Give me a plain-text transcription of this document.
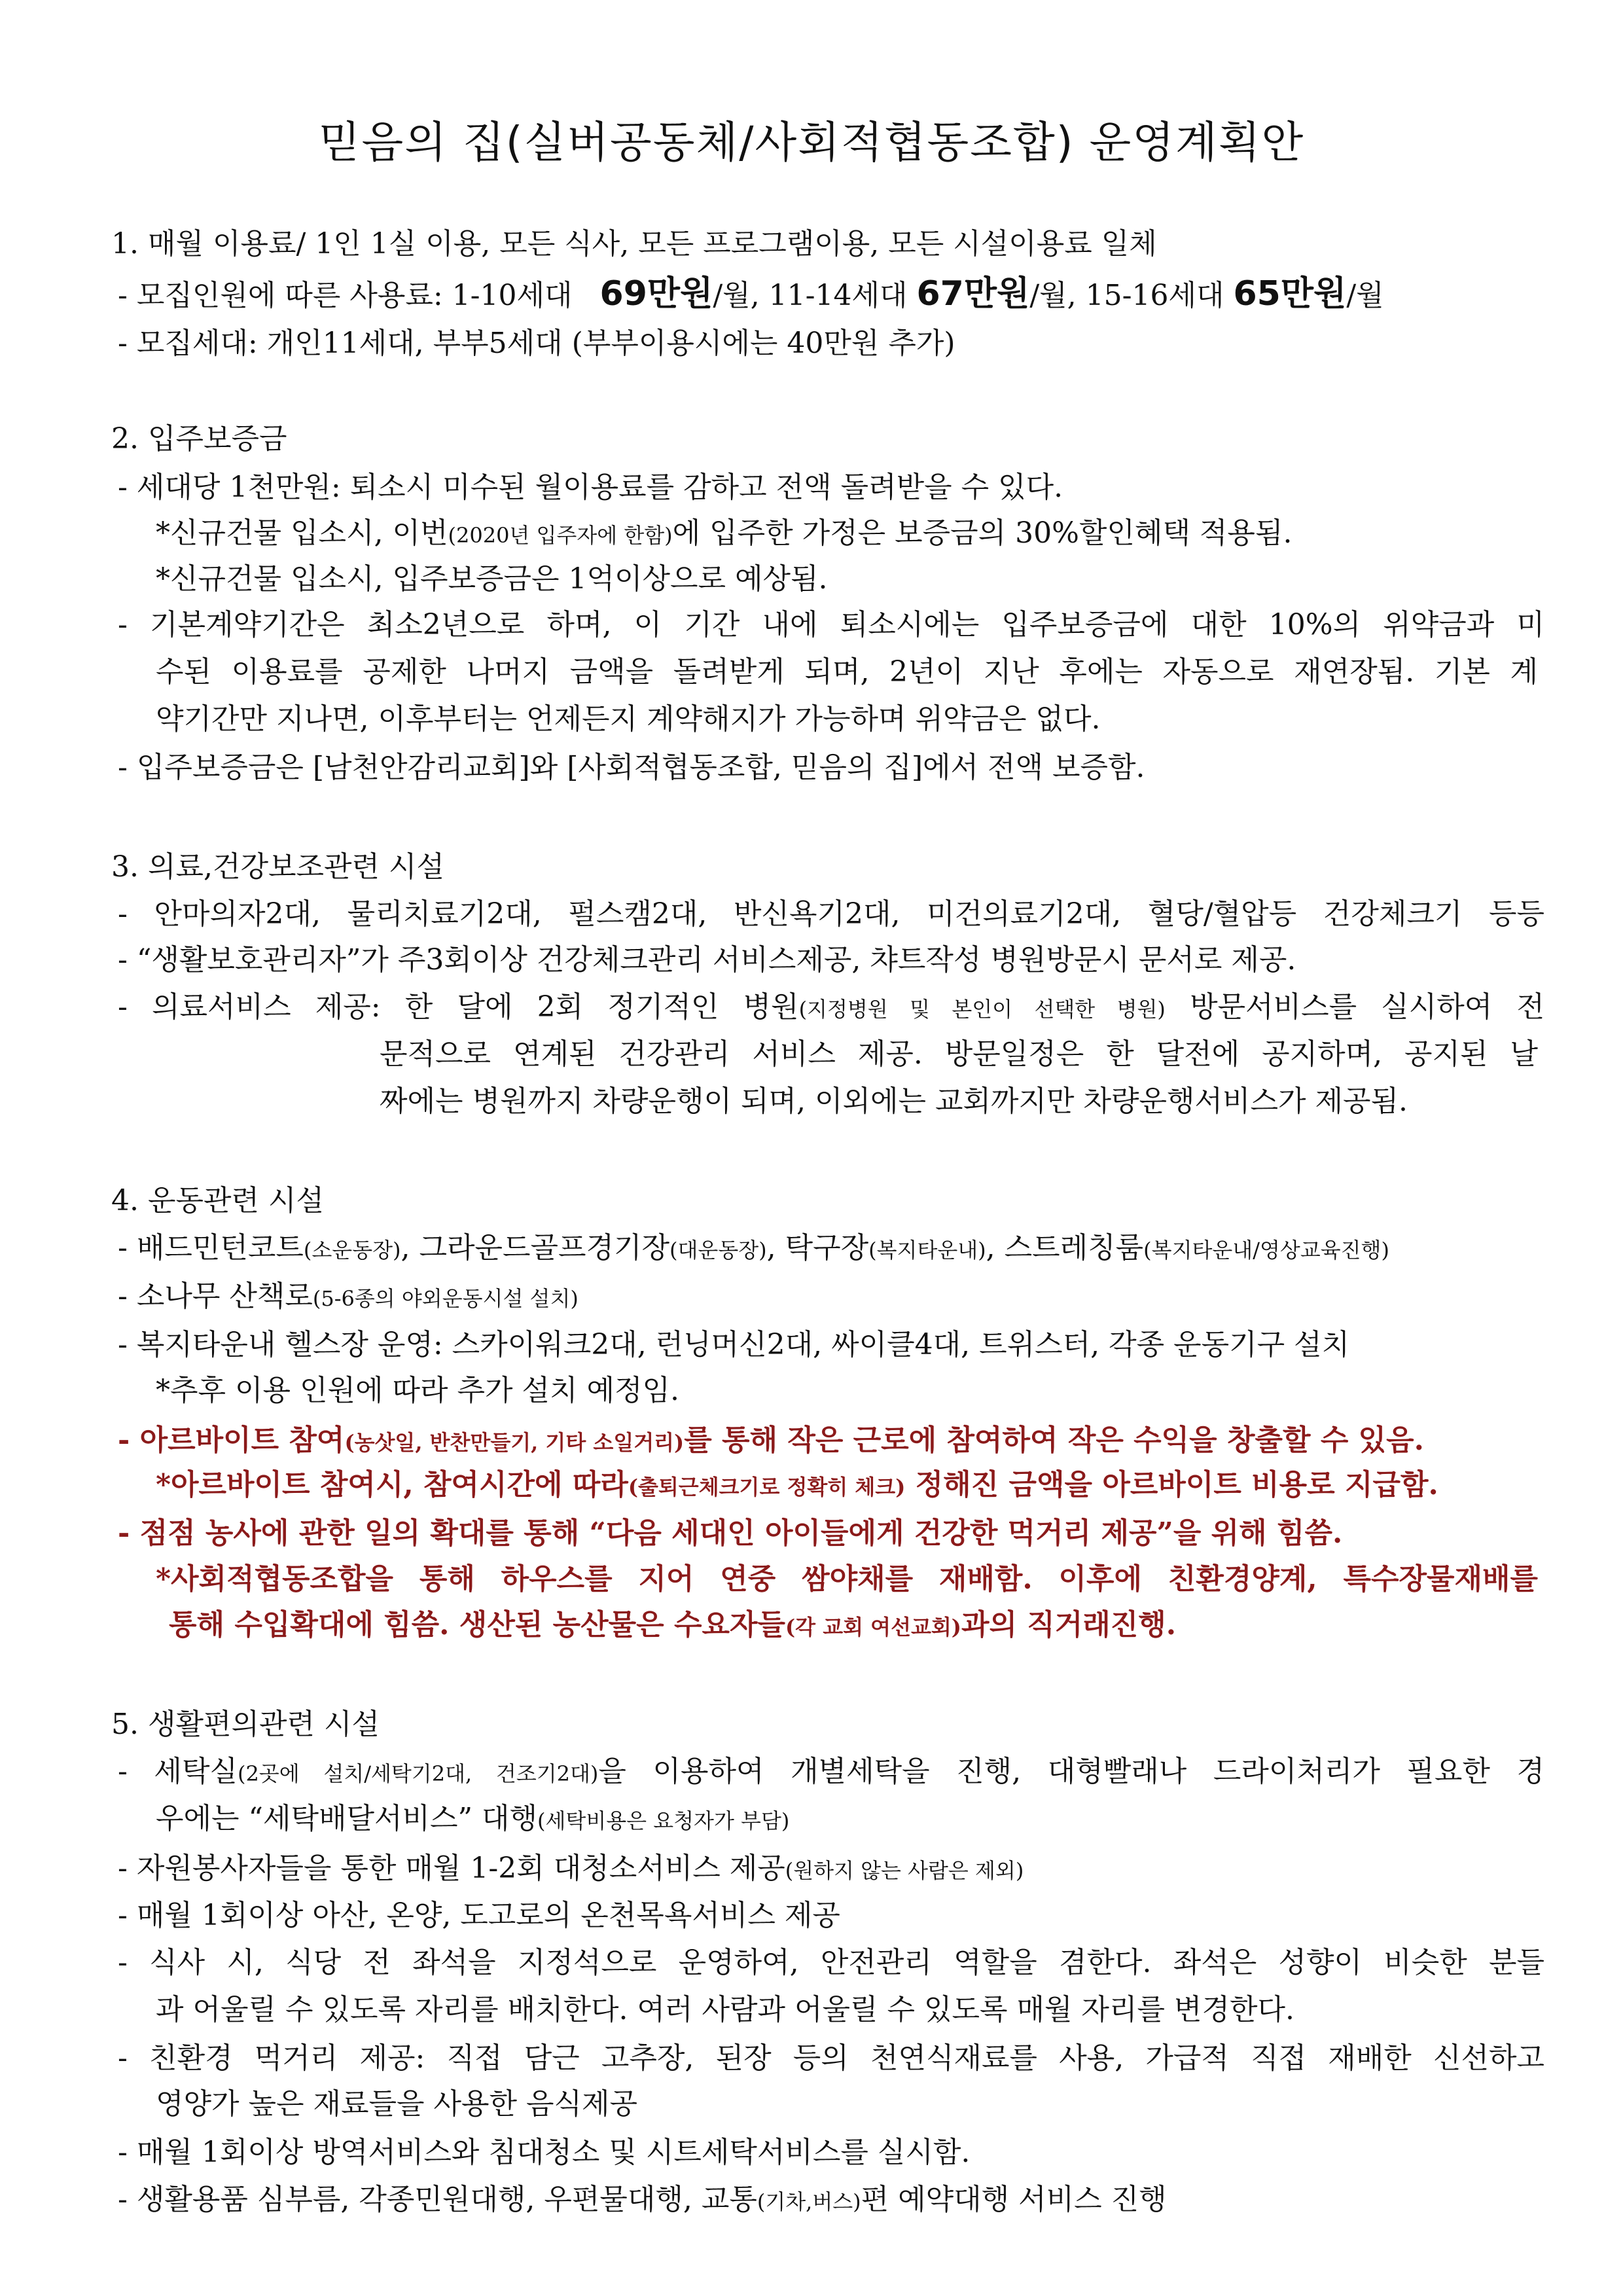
믿음의 집(실버공동체/사회적협동조합) 운영계획안
1. 매월 이용료/ 1인 1실 이용, 모든 식사, 모든 프로그램이용, 모든 시설이용료 일체
- 모집인원에 따른 사용료: 1-10세대 69만원/월, 11-14세대 67만원/월, 15-16세대 65만원/월
- 모집세대: 개인11세대, 부부5세대 (부부이용시에는 40만원 추가)
2. 입주보증금
- 세대당 1천만원: 퇴소시 미수된 월이용료를 감하고 전액 돌려받을 수 있다.
*신규건물 입소시, 이번(2020년 입주자에 한함)에 입주한 가정은 보증금의 30%할인혜택 적용됨.
*신규건물 입소시, 입주보증금은 1억이상으로 예상됨.
- 기본계약기간은 최소2년으로 하며, 이 기간 내에 퇴소시에는 입주보증금에 대한 10%의 위약금과 미
수된 이용료를 공제한 나머지 금액을 돌려받게 되며, 2년이 지난 후에는 자동으로 재연장됨. 기본 계
약기간만 지나면, 이후부터는 언제든지 계약해지가 가능하며 위약금은 없다.
- 입주보증금은 [남천안감리교회]와 [사회적협동조합, 믿음의 집]에서 전액 보증함.
3. 의료,건강보조관련 시설
- 안마의자2대, 물리치료기2대, 펄스캠2대, 반신욕기2대, 미건의료기2대, 혈당/혈압등 건강체크기 등등
- “생활보호관리자”가 주3회이상 건강체크관리 서비스제공, 챠트작성 병원방문시 문서로 제공.
- 의료서비스 제공: 한 달에 2회 정기적인 병원(지정병원 및 본인이 선택한 병원) 방문서비스를 실시하여 전
문적으로 연계된 건강관리 서비스 제공. 방문일정은 한 달전에 공지하며, 공지된 날
짜에는 병원까지 차량운행이 되며, 이외에는 교회까지만 차량운행서비스가 제공됨.
4. 운동관련 시설
- 배드민턴코트(소운동장), 그라운드골프경기장(대운동장), 탁구장(복지타운내), 스트레칭룸(복지타운내/영상교육진행)
- 소나무 산책로(5-6종의 야외운동시설 설치)
- 복지타운내 헬스장 운영: 스카이워크2대, 런닝머신2대, 싸이클4대, 트위스터, 각종 운동기구 설치
*추후 이용 인원에 따라 추가 설치 예정임.
- 아르바이트 참여(농삿일, 반찬만들기, 기타 소일거리)를 통해 작은 근로에 참여하여 작은 수익을 창출할 수 있음.
*아르바이트 참여시, 참여시간에 따라(출퇴근체크기로 정확히 체크) 정해진 금액을 아르바이트 비용로 지급함.
- 점점 농사에 관한 일의 확대를 통해 “다음 세대인 아이들에게 건강한 먹거리 제공”을 위해 힘씀.
*사회적협동조합을 통해 하우스를 지어 연중 쌈야채를 재배함. 이후에 친환경양계, 특수장물재배를
통해 수입확대에 힘씀. 생산된 농산물은 수요자들(각 교회 여선교회)과의 직거래진행.
5. 생활편의관련 시설
- 세탁실(2곳에 설치/세탁기2대, 건조기2대)을 이용하여 개별세탁을 진행, 대형빨래나 드라이처리가 필요한 경
우에는 “세탁배달서비스” 대행(세탁비용은 요청자가 부담)
- 자원봉사자들을 통한 매월 1-2회 대청소서비스 제공(원하지 않는 사람은 제외)
- 매월 1회이상 아산, 온양, 도고로의 온천목욕서비스 제공
- 식사 시, 식당 전 좌석을 지정석으로 운영하여, 안전관리 역할을 겸한다. 좌석은 성향이 비슷한 분들
과 어울릴 수 있도록 자리를 배치한다. 여러 사람과 어울릴 수 있도록 매월 자리를 변경한다.
- 친환경 먹거리 제공: 직접 담근 고추장, 된장 등의 천연식재료를 사용, 가급적 직접 재배한 신선하고
영양가 높은 재료들을 사용한 음식제공
- 매월 1회이상 방역서비스와 침대청소 및 시트세탁서비스를 실시함.
- 생활용품 심부름, 각종민원대행, 우편물대행, 교통(기차,버스)편 예약대행 서비스 진행
